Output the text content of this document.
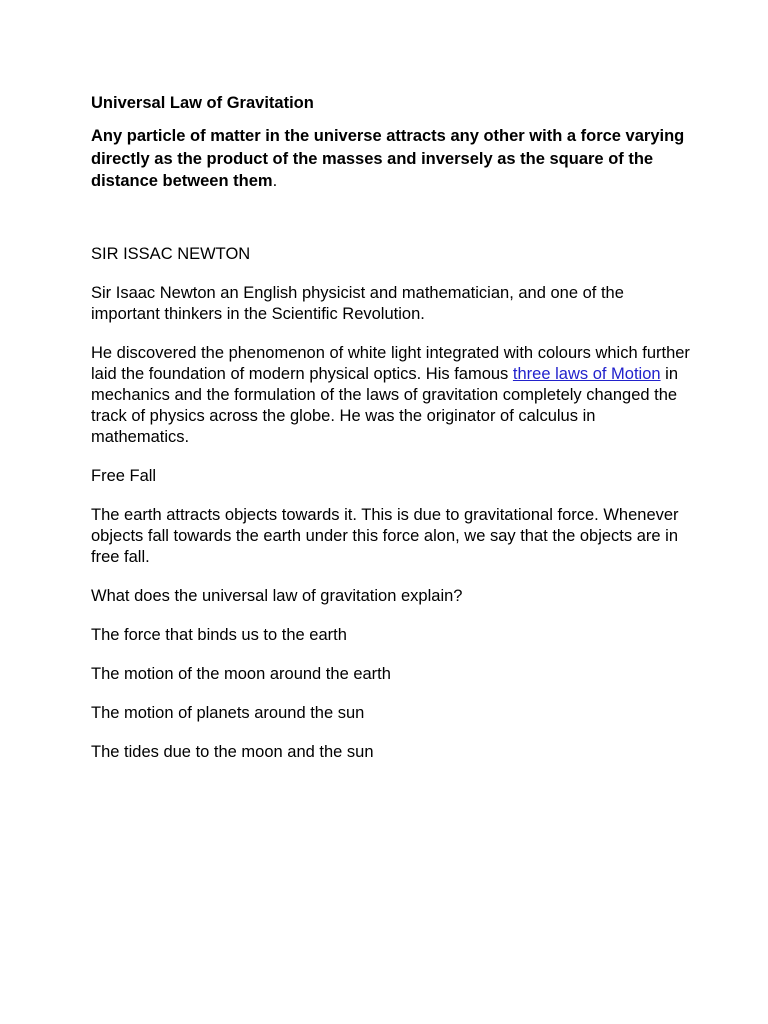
Universal Law of Gravitation

Any particle of matter in the universe attracts any other with a force varying directly as the product of the masses and inversely as the square of the distance between them.

SIR ISSAC NEWTON

Sir Isaac Newton an English physicist and mathematician, and one of the important thinkers in the Scientific Revolution.

He discovered the phenomenon of white light integrated with colours which further laid the foundation of modern physical optics. His famous three laws of Motion in mechanics and the formulation of the laws of gravitation completely changed the track of physics across the globe. He was the originator of calculus in mathematics.

Free Fall

The earth attracts objects towards it. This is due to gravitational force. Whenever objects fall towards the earth under this force alon, we say that the objects are in free fall.

What does the universal law of gravitation explain?

The force that binds us to the earth

The motion of the moon around the earth

The motion of planets around the sun

The tides due to the moon and the sun
